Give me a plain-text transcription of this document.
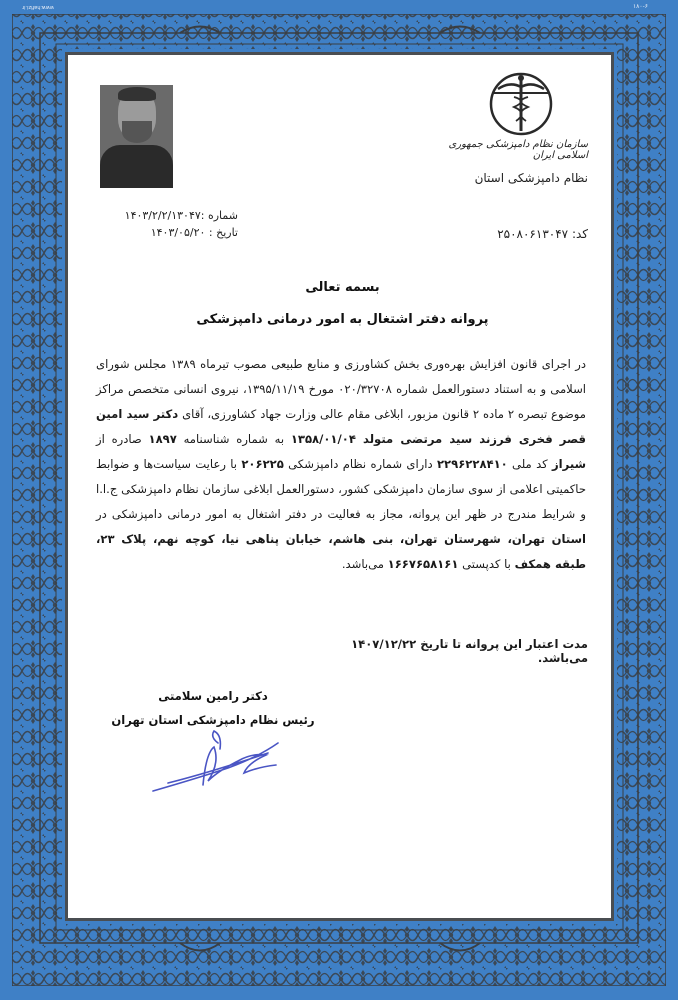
www.hafizi.ir	۱۸۰-۶
شماره :۱۴۰۳/۲/۲/۱۳۰۴۷
تاریخ : ۱۴۰۳/۰۵/۲۰
سازمان نظام دامپزشکی جمهوری اسلامی ایران
نظام دامپزشکی استان
کد: ۲۵۰۸۰۶۱۳۰۴۷
بسمه تعالی
پروانه دفتر اشتغال به امور درمانی دامپزشکی
در اجرای قانون افزایش بهره‌وری بخش کشاورزی و منابع طبیعی مصوب تیرماه ۱۳۸۹ مجلس شورای اسلامی و به استناد دستورالعمل شماره ۰۲۰/۳۲۷۰۸ مورخ ۱۳۹۵/۱۱/۱۹، نیروی انسانی متخصص مراکز موضوع تبصره ۲ ماده ۲ قانون مزبور، ابلاغی مقام عالی وزارت جهاد کشاورزی، آقای دکتر سید امین قصر فخری فرزند سید مرتضی متولد ۱۳۵۸/۰۱/۰۴ به شماره شناسنامه ۱۸۹۷ صادره از شیراز کد ملی ۲۲۹۶۲۲۸۴۱۰ دارای شماره نظام دامپزشکی ۲۰۶۲۲۵ با رعایت سیاست‌ها و ضوابط حاکمیتی اعلامی از سوی سازمان دامپزشکی کشور، دستورالعمل ابلاغی سازمان نظام دامپزشکی ج.ا.ا و شرایط مندرج در ظهر این پروانه، مجاز به فعالیت در دفتر اشتغال به امور درمانی دامپزشکی در استان تهران، شهرستان تهران، بنی هاشم، خیابان پناهی نیا، کوچه نهم، پلاک ۲۳، طبقه همکف با کدپستی ۱۶۶۷۶۵۸۱۶۱ می‌باشد.
مدت اعتبار این پروانه تا تاریخ ۱۴۰۷/۱۲/۲۲ می‌باشد.
دکتر رامین سلامتی
رئیس نظام دامپزشکی استان تهران
